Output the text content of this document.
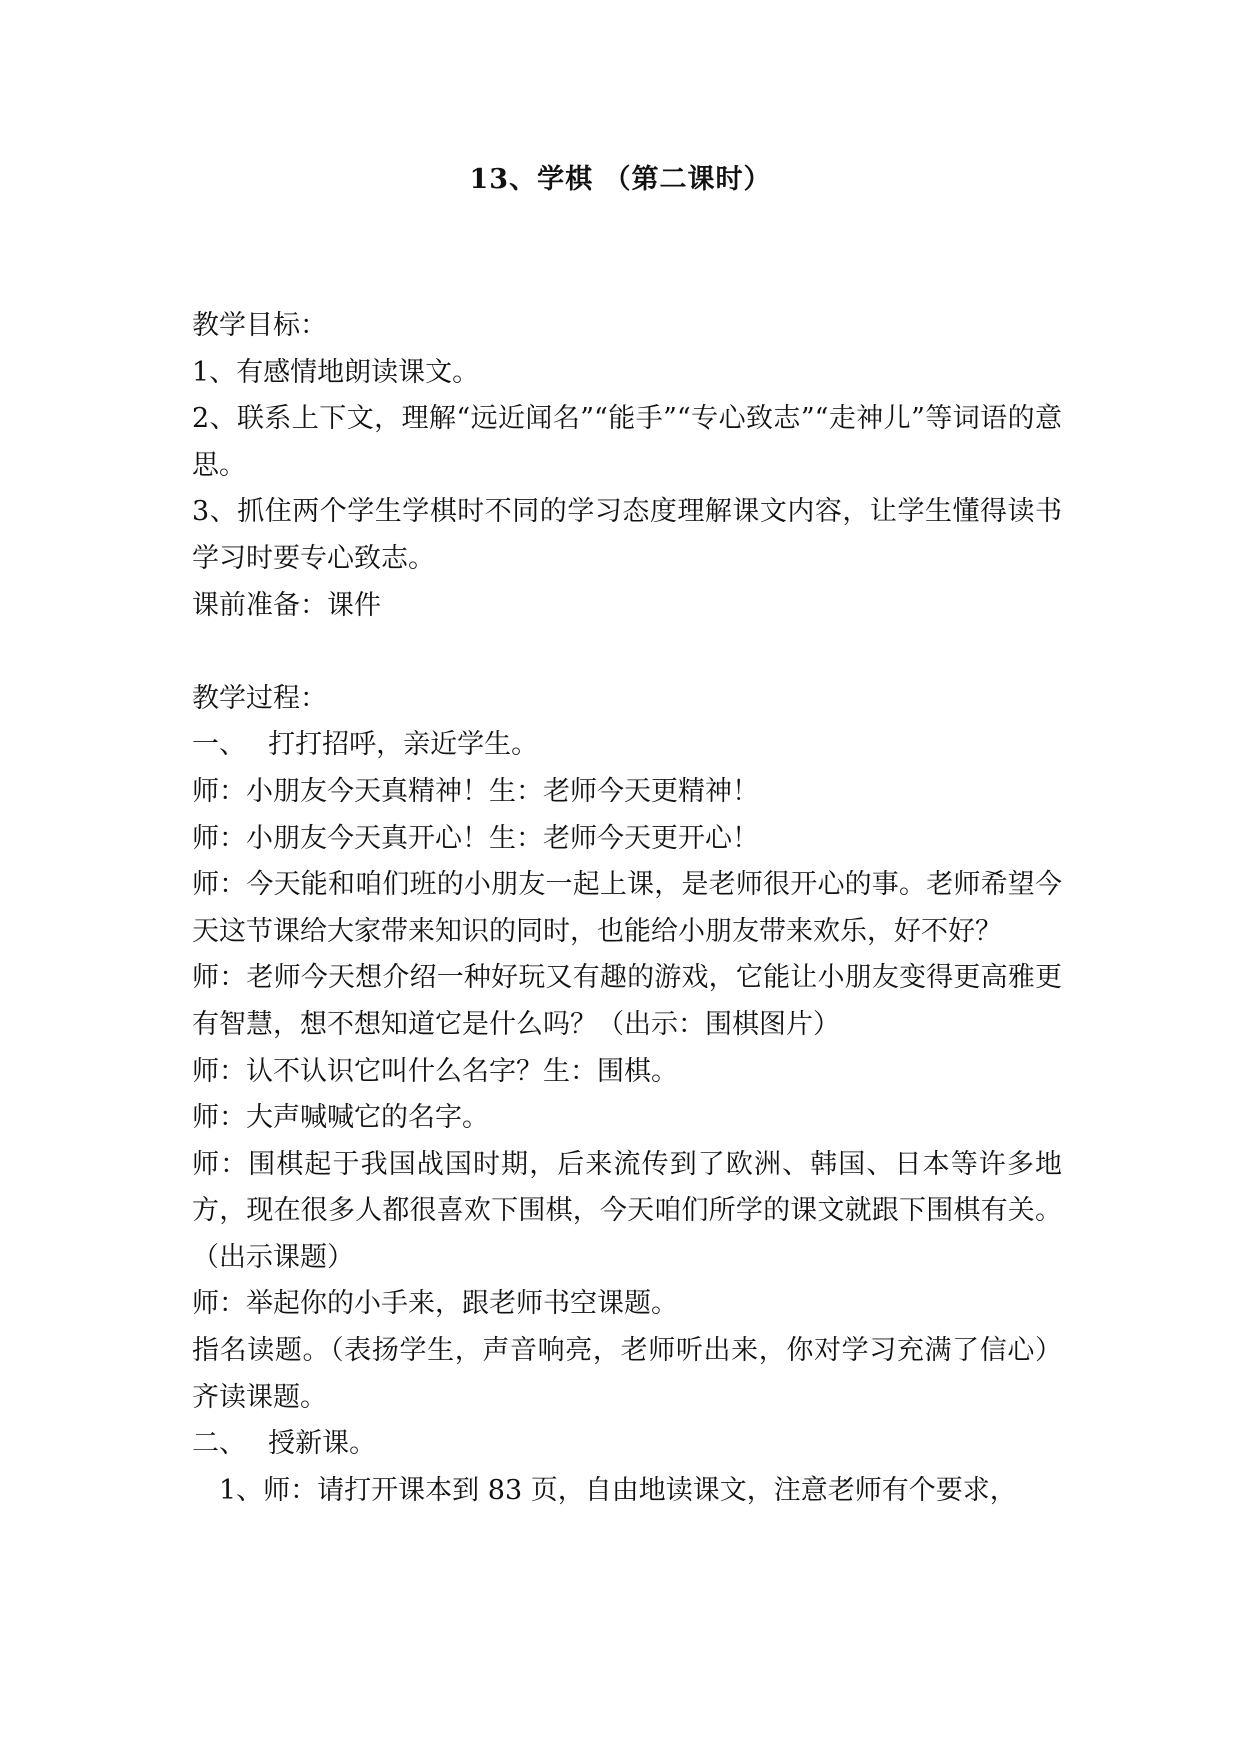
13、学棋 （第二课时）

教学目标：

1、有感情地朗读课文。

2、联系上下文，理解“远近闻名”“能手”“专心致志”“走神儿”等词语的意思。

3、抓住两个学生学棋时不同的学习态度理解课文内容，让学生懂得读书学习时要专心致志。

课前准备：课件

教学过程：

一、　 打打招呼，亲近学生。

师：小朋友今天真精神！生：老师今天更精神！

师：小朋友今天真开心！生：老师今天更开心！

师：今天能和咱们班的小朋友一起上课，是老师很开心的事。老师希望今天这节课给大家带来知识的同时，也能给小朋友带来欢乐，好不好？

师：老师今天想介绍一种好玩又有趣的游戏，它能让小朋友变得更高雅更有智慧，想不想知道它是什么吗？（出示：围棋图片）

师：认不认识它叫什么名字？生：围棋。

师：大声喊喊它的名字。

师：围棋起于我国战国时期，后来流传到了欧洲、韩国、日本等许多地方，现在很多人都很喜欢下围棋，今天咱们所学的课文就跟下围棋有关。（出示课题）

师：举起你的小手来，跟老师书空课题。

指名读题。（表扬学生，声音响亮，老师听出来，你对学习充满了信心）齐读课题。

二、　 授新课。

1、师：请打开课本到 83 页，自由地读课文，注意老师有个要求，
